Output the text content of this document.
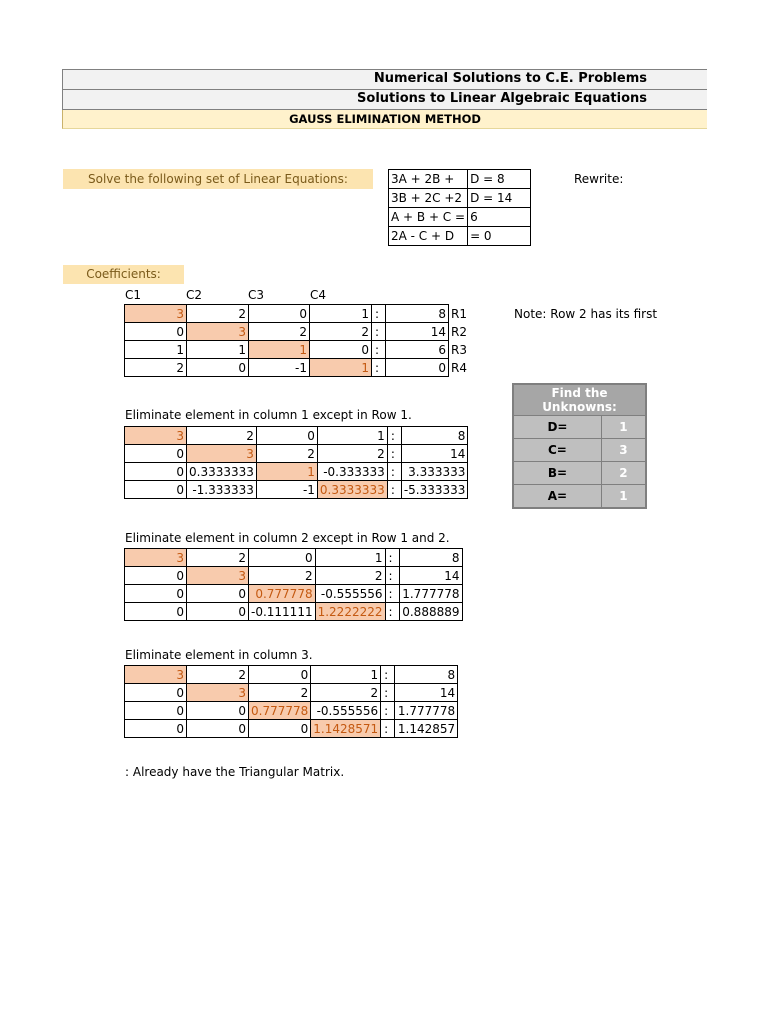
Numerical Solutions to C.E. Problems
Solutions to Linear Algebraic Equations
GAUSS ELIMINATION METHOD
Solve the following set of Linear Equations:	3A + 2B +	D = 8
3B + 2C +2	D = 14
A + B + C =	6
2A - C + D	= 0
Rewrite:
Coefficients:
C1	C2	C3	C4
Note: Row 2 has its first
3	2	0	1	:	8	R1
0	3	2	2	:	14	R2
1	1	1	0	:	6	R3
2	0	-1	1	:	0	R4
Find the Unknowns:	
D=	1
C=	3
B=	2
A=	1
Eliminate element in column 1 except in Row 1.
3	2	0	1	:	8
0	3	2	2	:	14
0	0.3333333	1	-0.333333	:	3.333333
0	-1.333333	-1	0.3333333	:	-5.333333
Eliminate element in column 2 except in Row 1 and 2.
3	2	0	1	:	8
0	3	2	2	:	14
0	0	0.777778	-0.555556	:	1.777778
0	0	-0.111111	1.2222222	:	0.888889
Eliminate element in column 3.
3	2	0	1	:	8
0	3	2	2	:	14
0	0	0.777778	-0.555556	:	1.777778
0	0	0	1.1428571	:	1.142857
: Already have the Triangular Matrix.
